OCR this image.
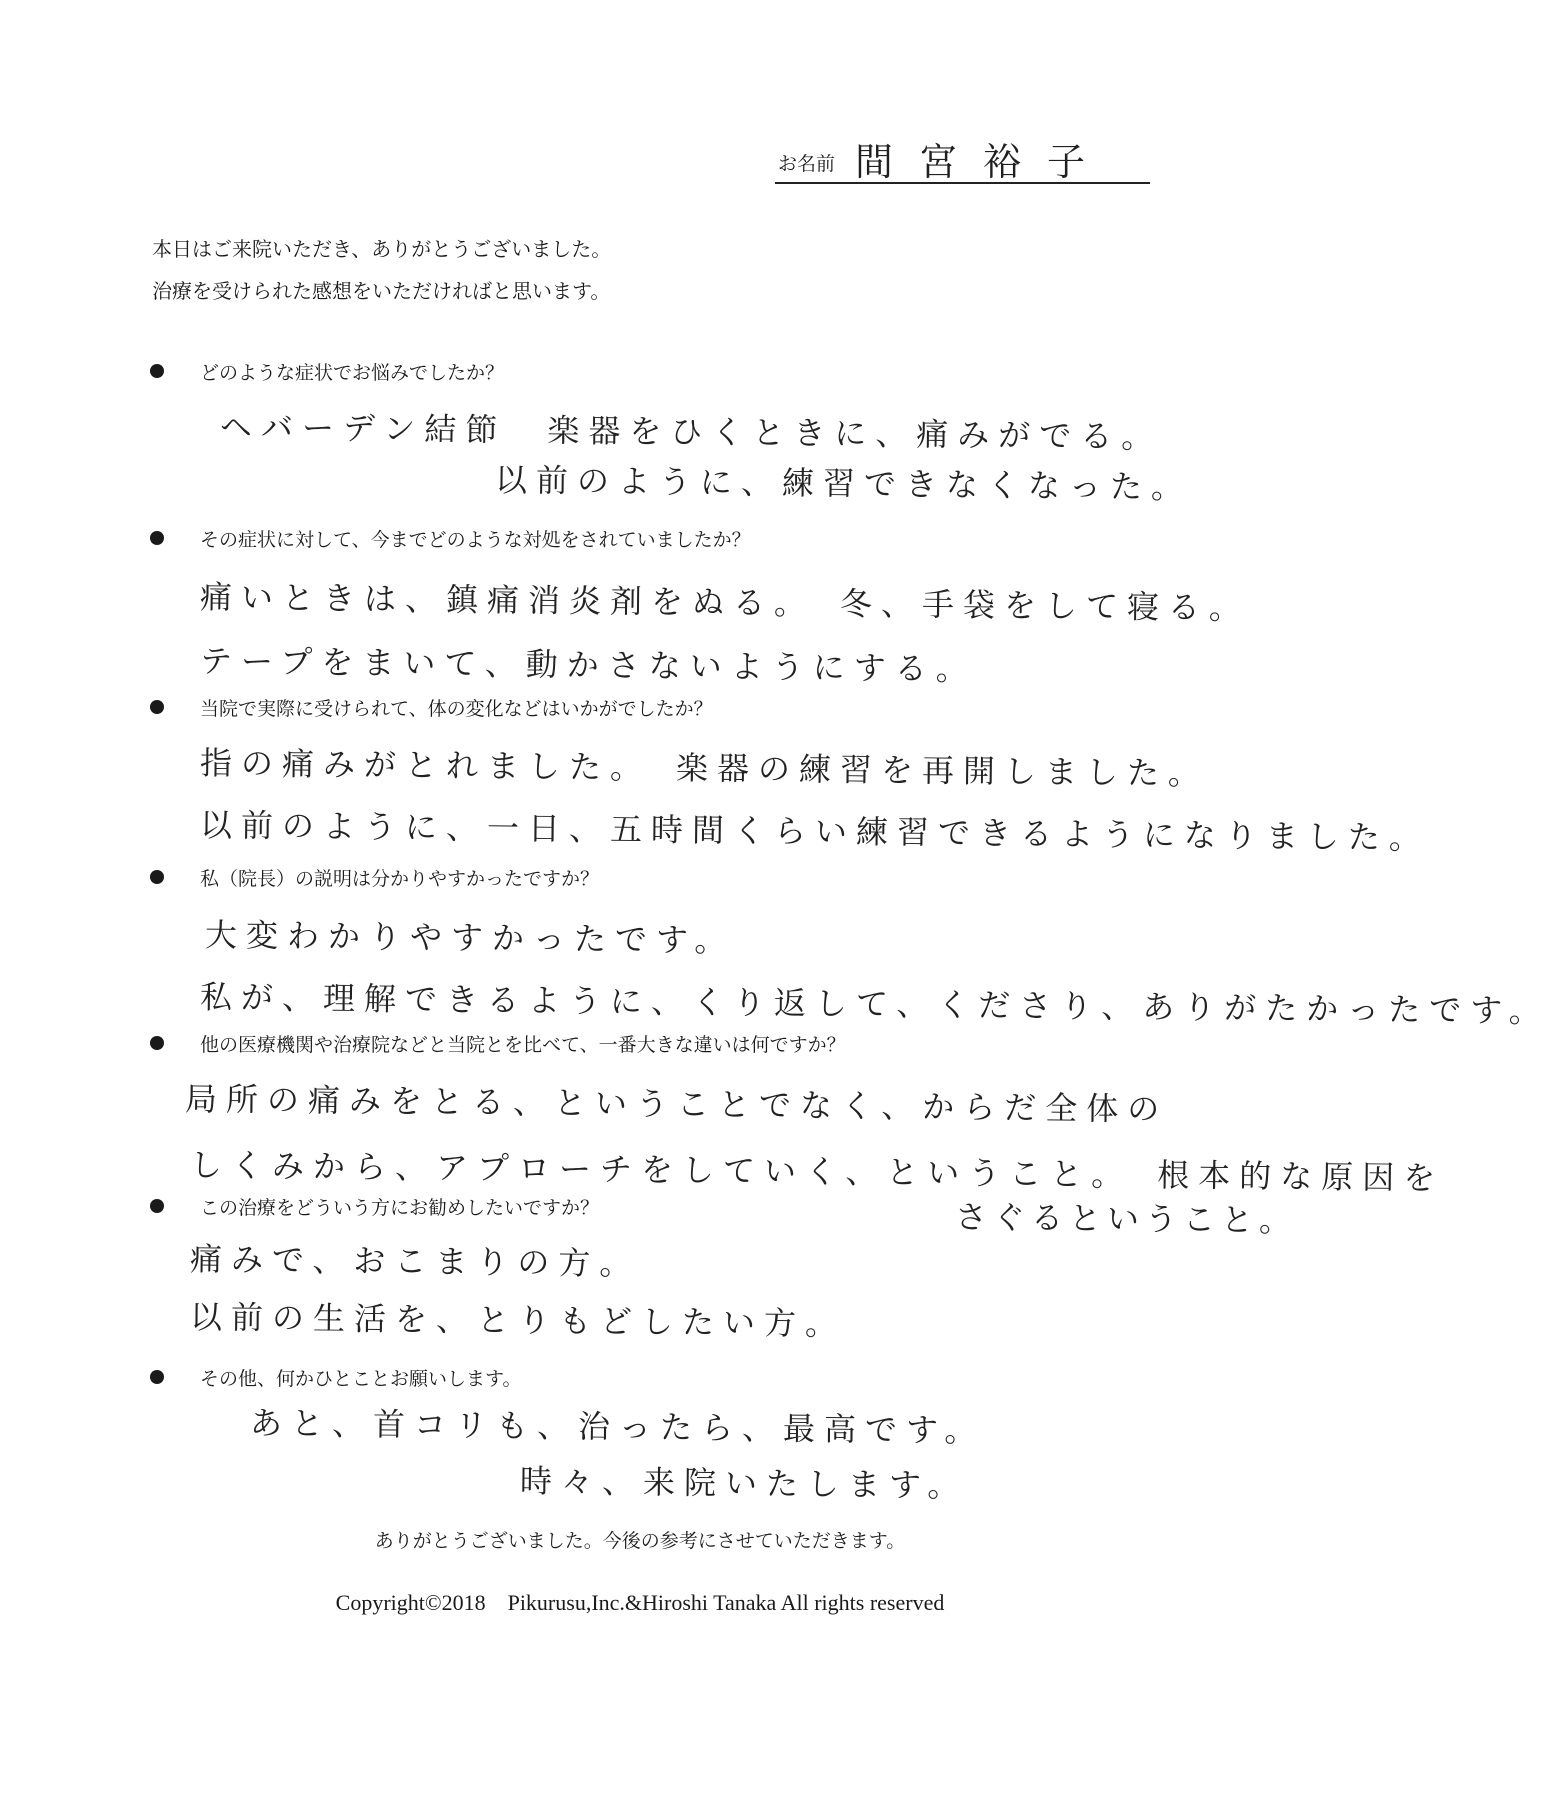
お名前 間宮裕子
本日はご来院いただき、ありがとうございました。
治療を受けられた感想をいただければと思います。
どのような症状でお悩みでしたか？
ヘバーデン結節　楽器をひくときに、痛みがでる。
以前のように、練習できなくなった。
その症状に対して、今までどのような対処をされていましたか？
痛いときは、鎮痛消炎剤をぬる。　冬、手袋をして寝る。
テープをまいて、動かさないようにする。
当院で実際に受けられて、体の変化などはいかがでしたか？
指の痛みがとれました。　楽器の練習を再開しました。
以前のように、一日、五時間くらい練習できるようになりました。
私（院長）の説明は分かりやすかったですか？
大変わかりやすかったです。
私が、理解できるように、くり返して、くださり、ありがたかったです。
他の医療機関や治療院などと当院とを比べて、一番大きな違いは何ですか？
局所の痛みをとる、ということでなく、からだ全体の
しくみから、アプローチをしていく、ということ。　根本的な原因を
さぐるということ。
この治療をどういう方にお勧めしたいですか？
痛みで、おこまりの方。
以前の生活を、とりもどしたい方。
その他、何かひとことお願いします。
あと、首コリも、治ったら、最高です。
時々、来院いたします。
ありがとうございました。今後の参考にさせていただきます。
Copyright©2018　Pikurusu,Inc.&Hiroshi Tanaka All rights reserved
